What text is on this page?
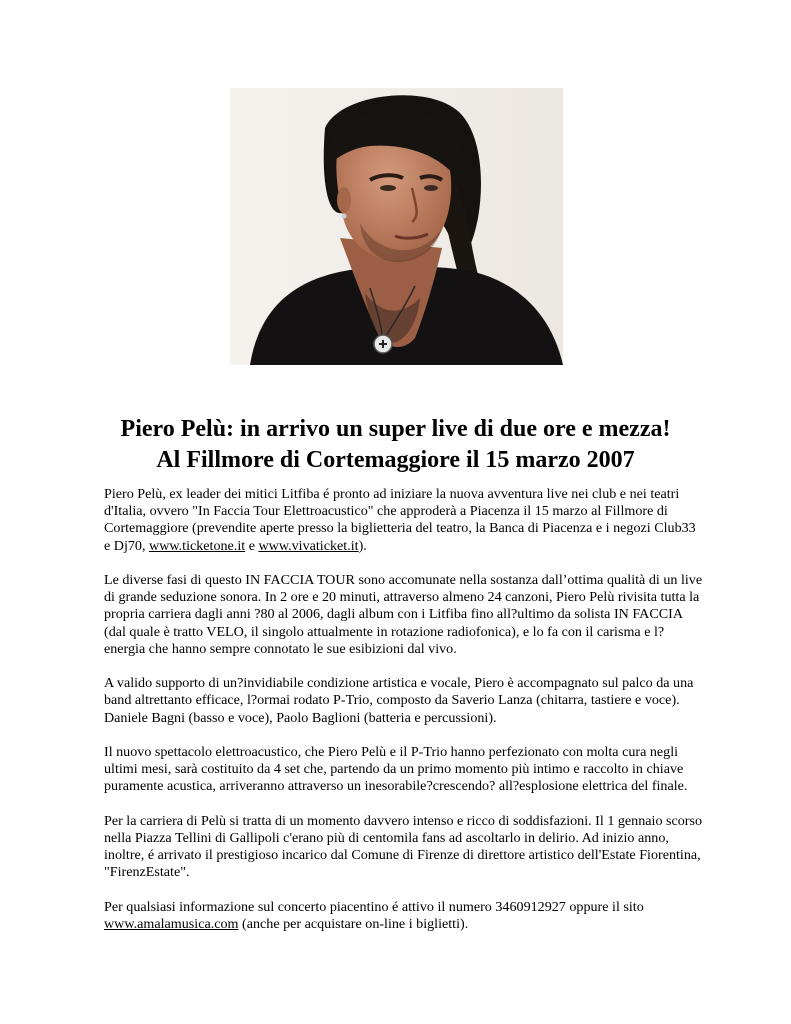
Piero Pelù: in arrivo un super live di due ore e mezza!
Al Fillmore di Cortemaggiore il 15 marzo 2007

Piero Pelù, ex leader dei mitici Litfiba é pronto ad iniziare la nuova avventura live nei club e nei teatri d'Italia, ovvero "In Faccia Tour Elettroacustico" che approderà a Piacenza il 15 marzo al Fillmore di Cortemaggiore (prevendite aperte presso la biglietteria del teatro, la Banca di Piacenza e i negozi Club33 e Dj70, www.ticketone.it e www.vivaticket.it).

Le diverse fasi di questo IN FACCIA TOUR sono accomunate nella sostanza dall’ottima qualità di un live di grande seduzione sonora. In 2 ore e 20 minuti, attraverso almeno 24 canzoni, Piero Pelù rivisita tutta la propria carriera dagli anni ?80 al 2006, dagli album con i Litfiba fino all?ultimo da solista IN FACCIA (dal quale è tratto VELO, il singolo attualmente in rotazione radiofonica), e lo fa con il carisma e l?energia che hanno sempre connotato le sue esibizioni dal vivo.

A valido supporto di un?invidiabile condizione artistica e vocale, Piero è accompagnato sul palco da una band altrettanto efficace, l?ormai rodato P-Trio, composto da Saverio Lanza (chitarra, tastiere e voce). Daniele Bagni (basso e voce), Paolo Baglioni (batteria e percussioni).

Il nuovo spettacolo elettroacustico, che Piero Pelù e il P-Trio hanno perfezionato con molta cura negli ultimi mesi, sarà costituito da 4 set che, partendo da un primo momento più intimo e raccolto in chiave puramente acustica, arriveranno attraverso un inesorabile?crescendo? all?esplosione elettrica del finale.

Per la carriera di Pelù si tratta di un momento davvero intenso e ricco di soddisfazioni. Il 1 gennaio scorso nella Piazza Tellini di Gallipoli c'erano più di centomila fans ad ascoltarlo in delirio. Ad inizio anno, inoltre, é arrivato il prestigioso incarico dal Comune di Firenze di direttore artistico dell'Estate Fiorentina, "FirenzEstate".

Per qualsiasi informazione sul concerto piacentino é attivo il numero 3460912927 oppure il sito www.amalamusica.com (anche per acquistare on-line i biglietti).
